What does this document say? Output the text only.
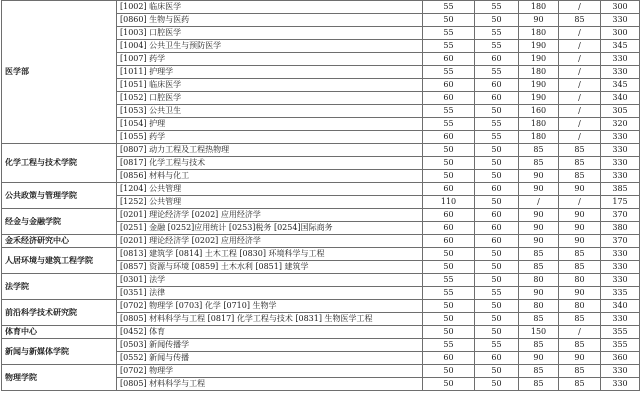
医学部	[1002] 临床医学	55	55	180	/	300
	[0860] 生物与医药	50	50	90	85	330
	[1003] 口腔医学	55	55	180	/	300
	[1004] 公共卫生与预防医学	55	55	190	/	345
	[1007] 药学	60	60	190	/	330
	[1011] 护理学	55	55	180	/	330
	[1051] 临床医学	60	60	190	/	345
	[1052] 口腔医学	60	60	190	/	340
	[1053] 公共卫生	55	50	160	/	305
	[1054] 护理	55	55	180	/	320
	[1055] 药学	60	55	180	/	330
化学工程与技术学院	[0807] 动力工程及工程热物理	50	50	85	85	330
	[0817] 化学工程与技术	50	50	85	85	330
	[0856] 材料与化工	50	50	90	85	330
公共政策与管理学院	[1204] 公共管理	60	60	90	90	385
	[1252] 公共管理	110	50	/	/	175
经金与金融学院	[0201] 理论经济学 [0202] 应用经济学	60	60	90	90	370
	[0251] 金融 [0252]应用统计 [0253]税务 [0254]国际商务	60	60	90	90	380
金禾经济研究中心	[0201] 理论经济学 [0202] 应用经济学	60	60	90	90	370
人居环境与建筑工程学院	[0813] 建筑学 [0814] 土木工程 [0830] 环境科学与工程	50	50	85	85	330
	[0857] 资源与环境 [0859] 土木水利 [0851] 建筑学	50	50	85	85	330
法学院	[0301] 法学	55	50	80	80	330
	[0351] 法律	55	55	90	90	335
前沿科学技术研究院	[0702] 物理学 [0703] 化学 [0710] 生物学	50	50	80	80	340
	[0805] 材料科学与工程 [0817] 化学工程与技术 [0831] 生物医学工程	50	50	85	85	330
体育中心	[0452] 体育	50	50	150	/	355
新闻与新媒体学院	[0503] 新闻传播学	55	55	85	85	355
	[0552] 新闻与传播	60	60	90	90	360
物理学院	[0702] 物理学	50	50	85	85	330
	[0805] 材料科学与工程	50	50	85	85	330
